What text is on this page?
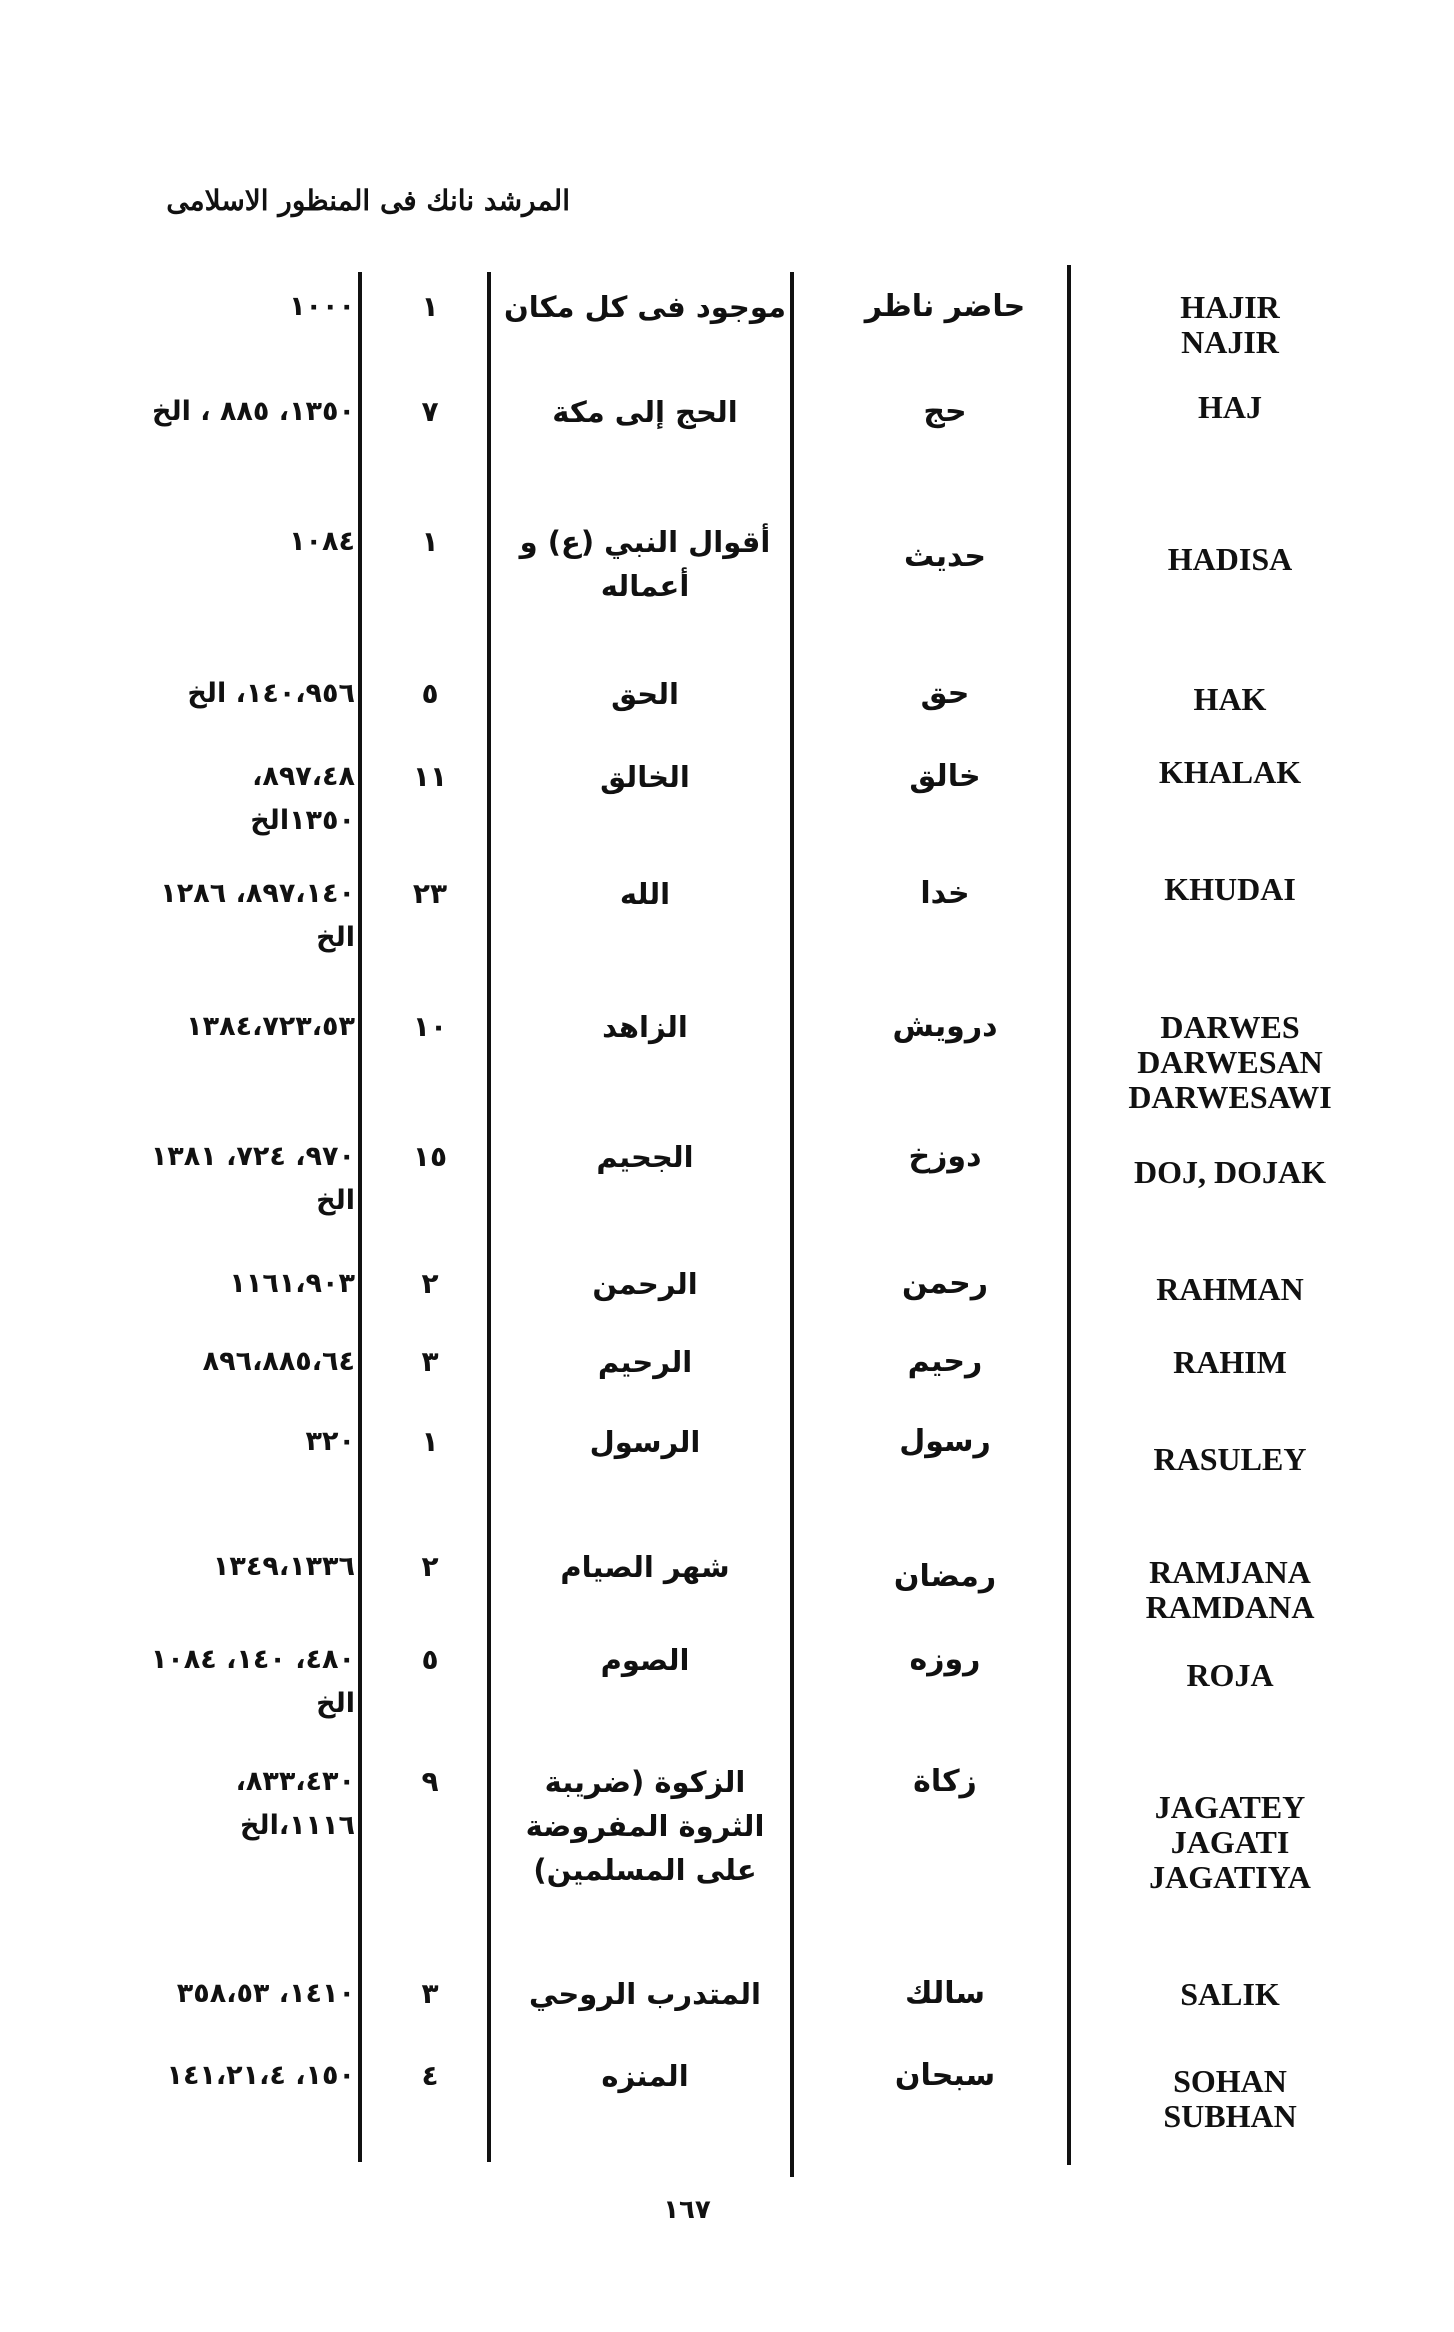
المرشد نانك فى المنظور الاسلامى
HAJIR
NAJIR
حاضر ناظر
موجود فى كل مكان
١
١٠٠٠
HAJ
حج
الحج إلى مكة
٧
١٣٥٠، ٨٨٥ ، الخ
HADISA
حديث
أقوال النبي (ع) و أعماله
١
١٠٨٤
HAK
حق
الحق
٥
١٤٠،٩٥٦، الخ
KHALAK
خالق
الخالق
١١
٨٩٧،٤٨، ١٣٥٠الخ
KHUDAI
خدا
الله
٢٣
٨٩٧،١٤٠، ١٢٨٦ الخ
DARWES
DARWESAN
DARWESAWI
درويش
الزاهد
١٠
١٣٨٤،٧٢٣،٥٣
DOJ, DOJAK
دوزخ
الجحيم
١٥
٩٧٠، ٧٢٤، ١٣٨١ الخ
RAHMAN
رحمن
الرحمن
٢
١١٦١،٩٠٣
RAHIM
رحيم
الرحيم
٣
٨٩٦،٨٨٥،٦٤
RASULEY
رسول
الرسول
١
٣٢٠
RAMJANA
RAMDANA
رمضان
شهر الصيام
٢
١٣٤٩،١٣٣٦
ROJA
روزه
الصوم
٥
٤٨٠، ١٤٠، ١٠٨٤ الخ
JAGATEY
JAGATI
JAGATIYA
زكاة
الزكوة (ضريبة الثروة المفروضة على المسلمين)
٩
٨٣٣،٤٣٠، ١١١٦،الخ
SALIK
سالك
المتدرب الروحي
٣
١٤١٠، ٣٥٨،٥٣
SOHAN
SUBHAN
سبحان
المنزه
٤
١٥٠، ١٤١،٢١،٤
١٦٧
